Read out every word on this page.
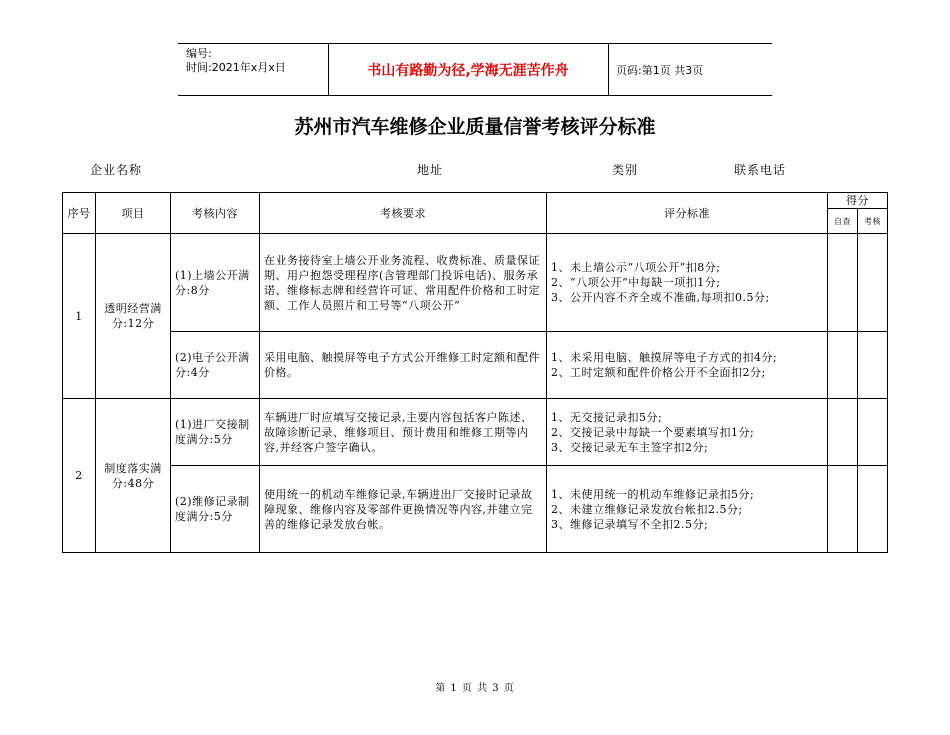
编号:
时间:2021年x月x日	书山有路勤为径,学海无涯苦作舟	页码:第1页 共3页
苏州市汽车维修企业质量信誉考核评分标准
企业名称	地址	类别	联系电话
序号	项目	考核内容	考核要求	评分标准	得分	
					自查	考核
1	透明经营满分:12分	(1)上墙公开满分:8分	在业务接待室上墙公开业务流程、收费标准、质量保证期、用户抱怨受理程序(含管理部门投诉电话)、服务承诺、维修标志牌和经营许可证、常用配件价格和工时定额、工作人员照片和工号等“八项公开”	1、未上墙公示“八项公开”扣8分;
2、“八项公开”中每缺一项扣1分;
3、公开内容不齐全或不准确,每项扣0.5分;		

		(2)电子公开满分:4分	采用电脑、触摸屏等电子方式公开维修工时定额和配件价格。	1、未采用电脑、触摸屏等电子方式的扣4分;
2、工时定额和配件价格公开不全面扣2分;		

2	制度落实满分:48分	(1)进厂交接制度满分:5分	车辆进厂时应填写交接记录,主要内容包括客户陈述、故障诊断记录、维修项目、预计费用和维修工期等内容,并经客户签字确认。	1、无交接记录扣5分;
2、交接记录中每缺一个要素填写扣1分;
3、交接记录无车主签字扣2分;		

		(2)维修记录制度满分:5分	使用统一的机动车维修记录,车辆进出厂交接时记录故障现象、维修内容及零部件更换情况等内容,并建立完善的维修记录发放台帐。	1、未使用统一的机动车维修记录扣5分;
2、未建立维修记录发放台帐扣2.5分;
3、维修记录填写不全扣2.5分;		

第 1 页 共 3 页
